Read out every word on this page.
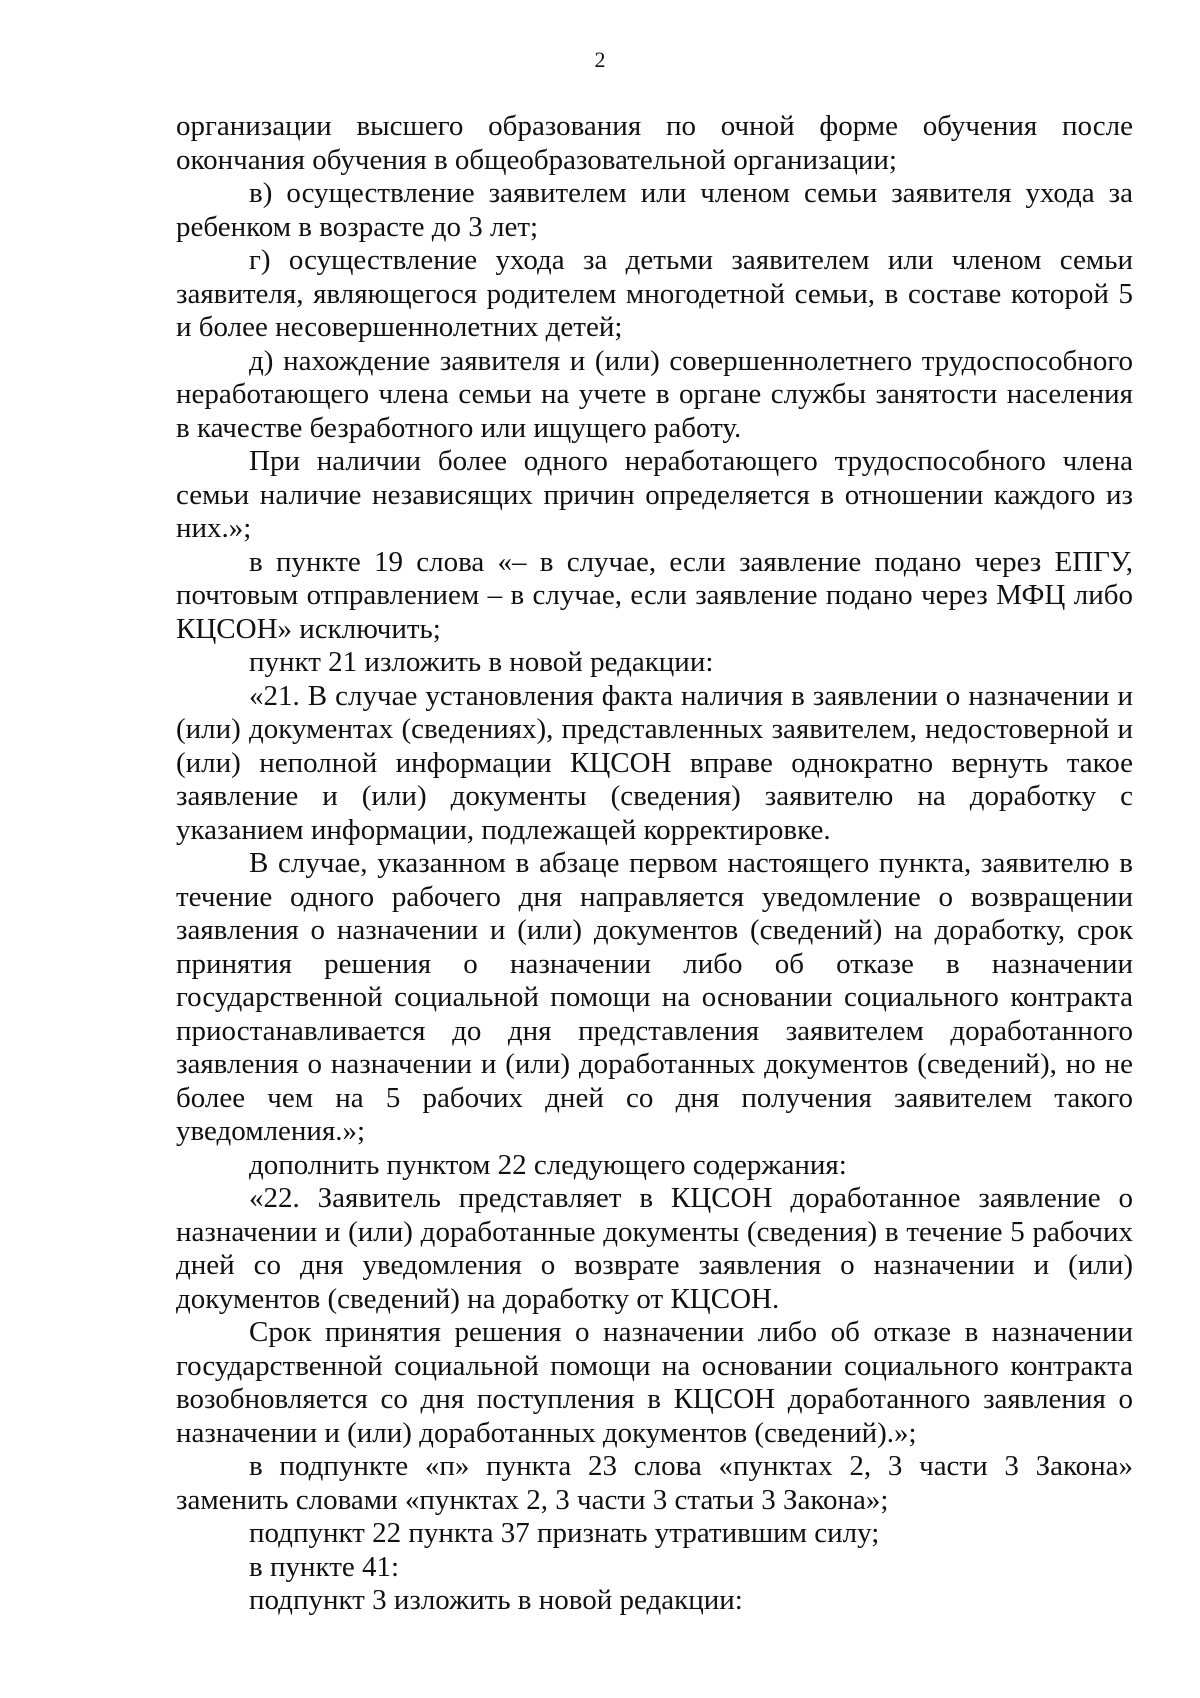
2

организации высшего образования по очной форме обучения после окончания обучения в общеобразовательной организации;

в) осуществление заявителем или членом семьи заявителя ухода за ребенком в возрасте до 3 лет;

г) осуществление ухода за детьми заявителем или членом семьи заявителя, являющегося родителем многодетной семьи, в составе которой 5 и более несовершеннолетних детей;

д) нахождение заявителя и (или) совершеннолетнего трудоспособного неработающего члена семьи на учете в органе службы занятости населения в качестве безработного или ищущего работу.

При наличии более одного неработающего трудоспособного члена семьи наличие независящих причин определяется в отношении каждого из них.»;

в пункте 19 слова «– в случае, если заявление подано через ЕПГУ, почтовым отправлением – в случае, если заявление подано через МФЦ либо КЦСОН» исключить;

пункт 21 изложить в новой редакции:

«21. В случае установления факта наличия в заявлении о назначении и (или) документах (сведениях), представленных заявителем, недостоверной и (или) неполной информации КЦСОН вправе однократно вернуть такое заявление и (или) документы (сведения) заявителю на доработку с указанием информации, подлежащей корректировке.

В случае, указанном в абзаце первом настоящего пункта, заявителю в течение одного рабочего дня направляется уведомление о возвращении заявления о назначении и (или) документов (сведений) на доработку, срок принятия решения о назначении либо об отказе в назначении государственной социальной помощи на основании социального контракта приостанавливается до дня представления заявителем доработанного заявления о назначении и (или) доработанных документов (сведений), но не более чем на 5 рабочих дней со дня получения заявителем такого уведомления.»;

дополнить пунктом 22 следующего содержания:

«22. Заявитель представляет в КЦСОН доработанное заявление о назначении и (или) доработанные документы (сведения) в течение 5 рабочих дней со дня уведомления о возврате заявления о назначении и (или) документов (сведений) на доработку от КЦСОН.

Срок принятия решения о назначении либо об отказе в назначении государственной социальной помощи на основании социального контракта возобновляется со дня поступления в КЦСОН доработанного заявления о назначении и (или) доработанных документов (сведений).»;

в подпункте «п» пункта 23 слова «пунктах 2, 3 части 3 Закона» заменить словами «пунктах 2, 3 части 3 статьи 3 Закона»;

подпункт 22 пункта 37 признать утратившим силу;

в пункте 41:

подпункт 3 изложить в новой редакции:
